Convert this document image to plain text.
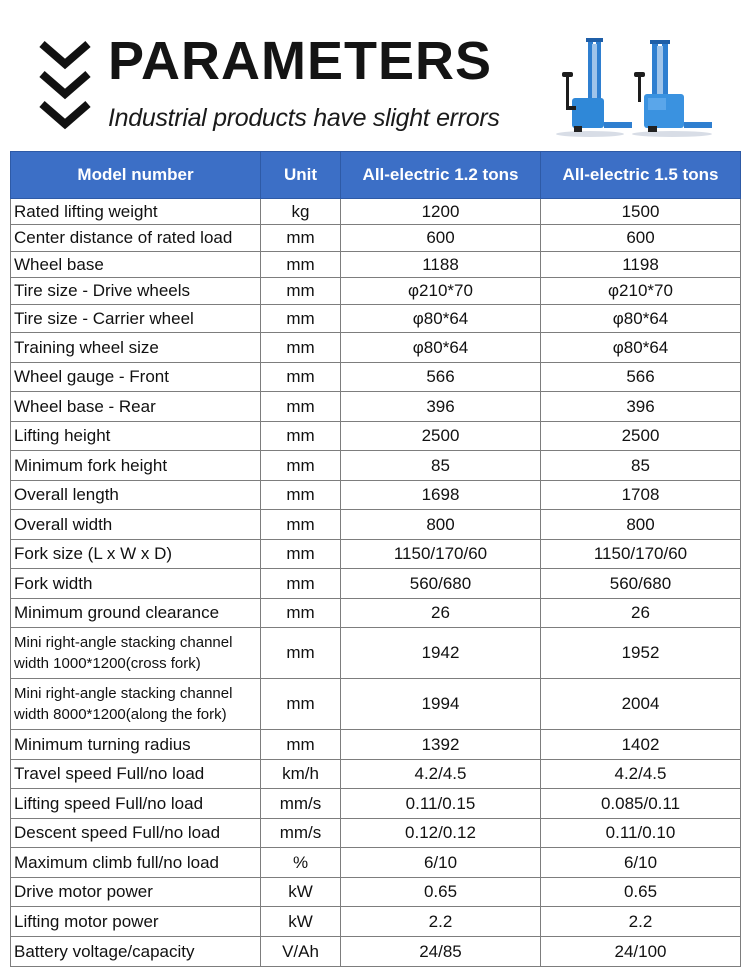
PARAMETERS
Industrial products have slight errors
Model number	Unit	All-electric 1.2 tons	All-electric 1.5 tons
Rated lifting weight	kg	1200	1500
Center distance of rated load	mm	600	600
Wheel base	mm	1188	1198
Tire size - Drive wheels	mm	φ210*70	φ210*70
Tire size - Carrier wheel	mm	φ80*64	φ80*64
Training wheel size	mm	φ80*64	φ80*64
Wheel gauge - Front	mm	566	566
Wheel base - Rear	mm	396	396
Lifting height	mm	2500	2500
Minimum fork height	mm	85	85
Overall length	mm	1698	1708
Overall width	mm	800	800
Fork size (L x W x D)	mm	1150/170/60	1150/170/60
Fork width	mm	560/680	560/680
Minimum ground clearance	mm	26	26

Mini right-angle stacking channel
width 1000*1200(cross fork)	mm	1942	1952

Mini right-angle stacking channel
width 8000*1200(along the fork)	mm	1994	2004
Minimum turning radius	mm	1392	1402
Travel speed Full/no load	km/h	4.2/4.5	4.2/4.5
Lifting speed Full/no load	mm/s	0.11/0.15	0.085/0.11
Descent speed Full/no load	mm/s	0.12/0.12	0.11/0.10
Maximum climb full/no load	%	6/10	6/10
Drive motor power	kW	0.65	0.65
Lifting motor power	kW	2.2	2.2
Battery voltage/capacity	V/Ah	24/85	24/100
